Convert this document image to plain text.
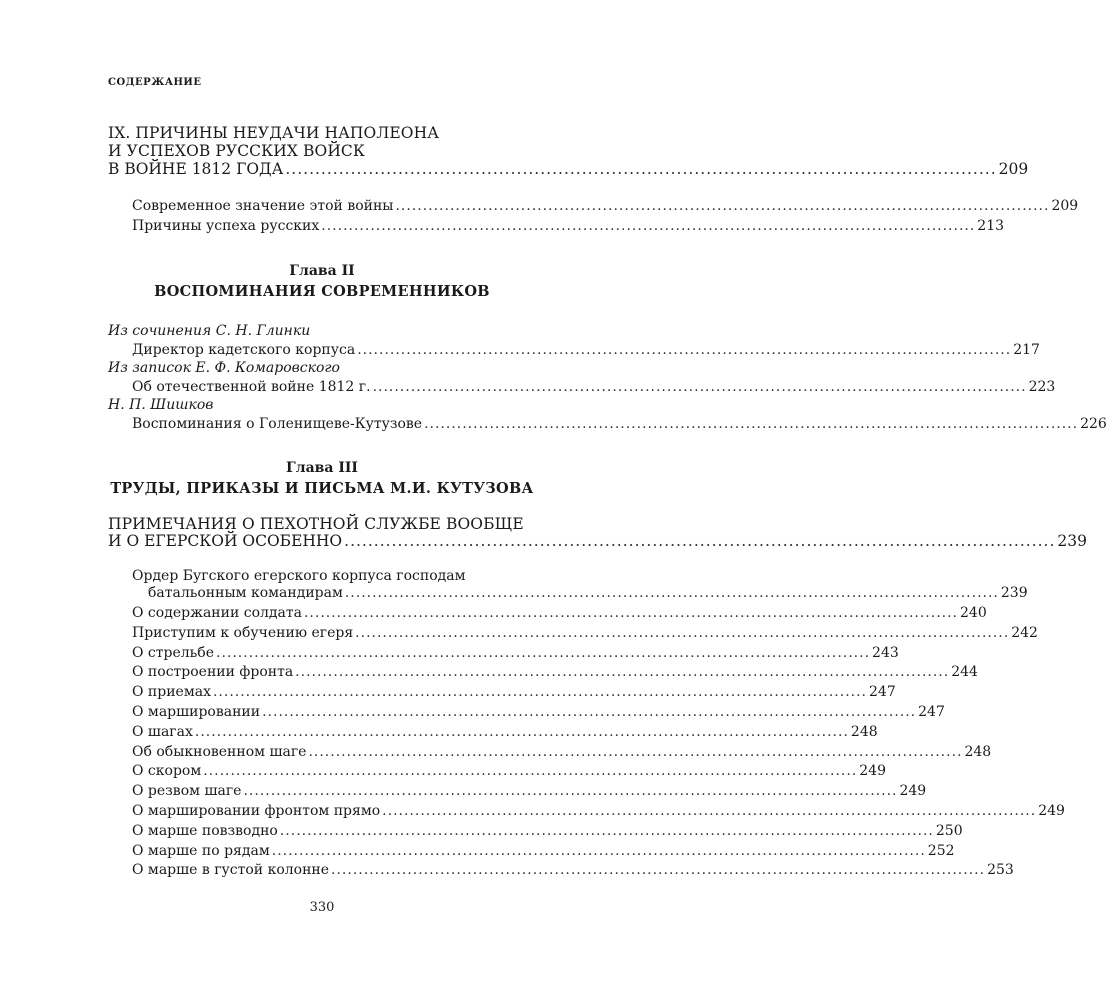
СОДЕРЖАНИЕ
IX. ПРИЧИНЫ НЕУДАЧИ НАПОЛЕОНА
И УСПЕХОВ РУССКИХ ВОЙСК
В ВОЙНЕ 1812 ГОДА ........................................................................................................................ 209
Современное значение этой войны ........................................................................................................................ 209
Причины успеха русских ........................................................................................................................ 213
Глава II
ВОСПОМИНАНИЯ СОВРЕМЕННИКОВ
Из сочинения С. Н. Глинки
Директор кадетского корпуса ........................................................................................................................ 217
Из записок Е. Ф. Комаровского
Об отечественной войне 1812 г. ........................................................................................................................ 223
Н. П. Шишков
Воспоминания о Голенищеве-Кутузове ........................................................................................................................ 226
Глава III
ТРУДЫ, ПРИКАЗЫ И ПИСЬМА М.И. КУТУЗОВА
ПРИМЕЧАНИЯ О ПЕХОТНОЙ СЛУЖБЕ ВООБЩЕ
И О ЕГЕРСКОЙ ОСОБЕННО ........................................................................................................................ 239
Ордер Бугского егерского корпуса господам
батальонным командирам ........................................................................................................................ 239
О содержании солдата ........................................................................................................................ 240
Приступим к обучению егеря ........................................................................................................................ 242
О стрельбе ........................................................................................................................ 243
О построении фронта ........................................................................................................................ 244
О приемах ........................................................................................................................ 247
О маршировании ........................................................................................................................ 247
О шагах ........................................................................................................................ 248
Об обыкновенном шаге ........................................................................................................................ 248
О скором ........................................................................................................................ 249
О резвом шаге ........................................................................................................................ 249
О маршировании фронтом прямо ........................................................................................................................ 249
О марше повзводно ........................................................................................................................ 250
О марше по рядам ........................................................................................................................ 252
О марше в густой колонне ........................................................................................................................ 253
330
